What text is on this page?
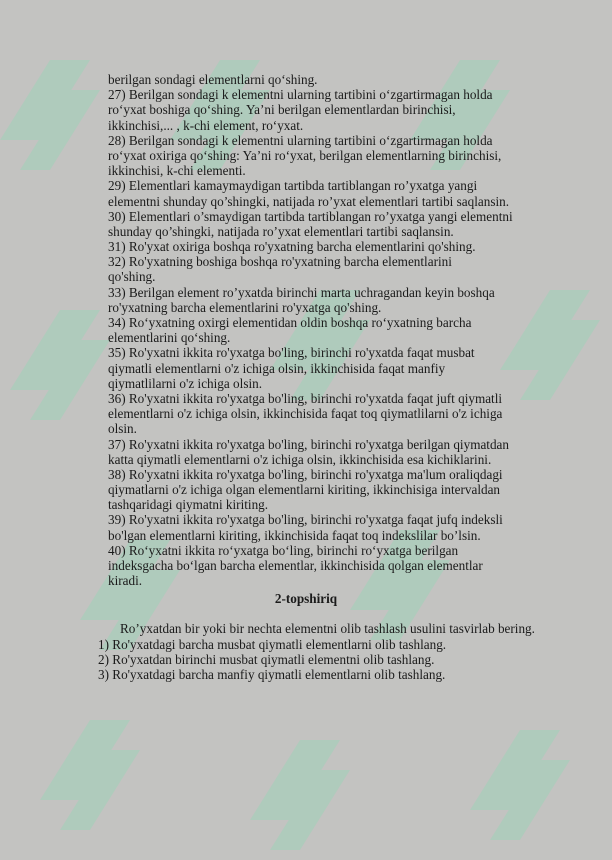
berilgan sondagi elementlarni qo‘shing.
27) Berilgan sondagi k elementni ularning tartibini o‘zgartirmagan holda
ro‘yxat boshiga qo‘shing. Ya’ni berilgan elementlardan birinchisi,
ikkinchisi,... , k-chi element, ro‘yxat.
28) Berilgan sondagi k elementni ularning tartibini o‘zgartirmagan holda
ro‘yxat oxiriga qo‘shing: Ya’ni ro‘yxat, berilgan elementlarning birinchisi,
ikkinchisi, k-chi elementi.
29) Elementlari kamaymaydigan tartibda tartiblangan ro’yxatga yangi
elementni shunday qo’shingki, natijada ro’yxat elementlari tartibi saqlansin.
30) Elementlari o’smaydigan tartibda tartiblangan ro’yxatga yangi elementni
shunday qo’shingki, natijada ro’yxat elementlari tartibi saqlansin.
31) Ro'yxat oxiriga boshqa ro'yxatning barcha elementlarini qo'shing.
32) Ro'yxatning boshiga boshqa ro'yxatning barcha elementlarini
qo'shing.
33) Berilgan element ro’yxatda birinchi marta uchragandan keyin boshqa
ro'yxatning barcha elementlarini ro'yxatga qo'shing.
34) Ro‘yxatning oxirgi elementidan oldin boshqa ro‘yxatning barcha
elementlarini qo‘shing.
35) Ro'yxatni ikkita ro'yxatga bo'ling, birinchi ro'yxatda faqat musbat
qiymatli elementlarni o'z ichiga olsin, ikkinchisida faqat manfiy
qiymatlilarni o'z ichiga olsin.
36) Ro'yxatni ikkita ro'yxatga bo'ling, birinchi ro'yxatda faqat juft qiymatli
elementlarni o'z ichiga olsin, ikkinchisida faqat toq qiymatlilarni o'z ichiga
olsin.
37) Ro'yxatni ikkita ro'yxatga bo'ling, birinchi ro'yxatga berilgan qiymatdan
katta qiymatli elementlarni o'z ichiga olsin, ikkinchisida esa kichiklarini.
38) Ro'yxatni ikkita ro'yxatga bo'ling, birinchi ro'yxatga ma'lum oraliqdagi
qiymatlarni o'z ichiga olgan elementlarni kiriting, ikkinchisiga intervaldan
tashqaridagi qiymatni kiriting.
39) Ro'yxatni ikkita ro'yxatga bo'ling, birinchi ro'yxatga faqat jufq indeksli
bo'lgan elementlarni kiriting, ikkinchisida faqat toq indekslilar bo’lsin.
40) Ro‘yxatni ikkita ro‘yxatga bo‘ling, birinchi ro‘yxatga berilgan
indeksgacha bo‘lgan barcha elementlar, ikkinchisida qolgan elementlar
kiradi.
2-topshiriq
Ro’yxatdan bir yoki bir nechta elementni olib tashlash usulini tasvirlab bering.
1) Ro'yxatdagi barcha musbat qiymatli elementlarni olib tashlang.
2) Ro'yxatdan birinchi musbat qiymatli elementni olib tashlang.
3) Ro'yxatdagi barcha manfiy qiymatli elementlarni olib tashlang.
